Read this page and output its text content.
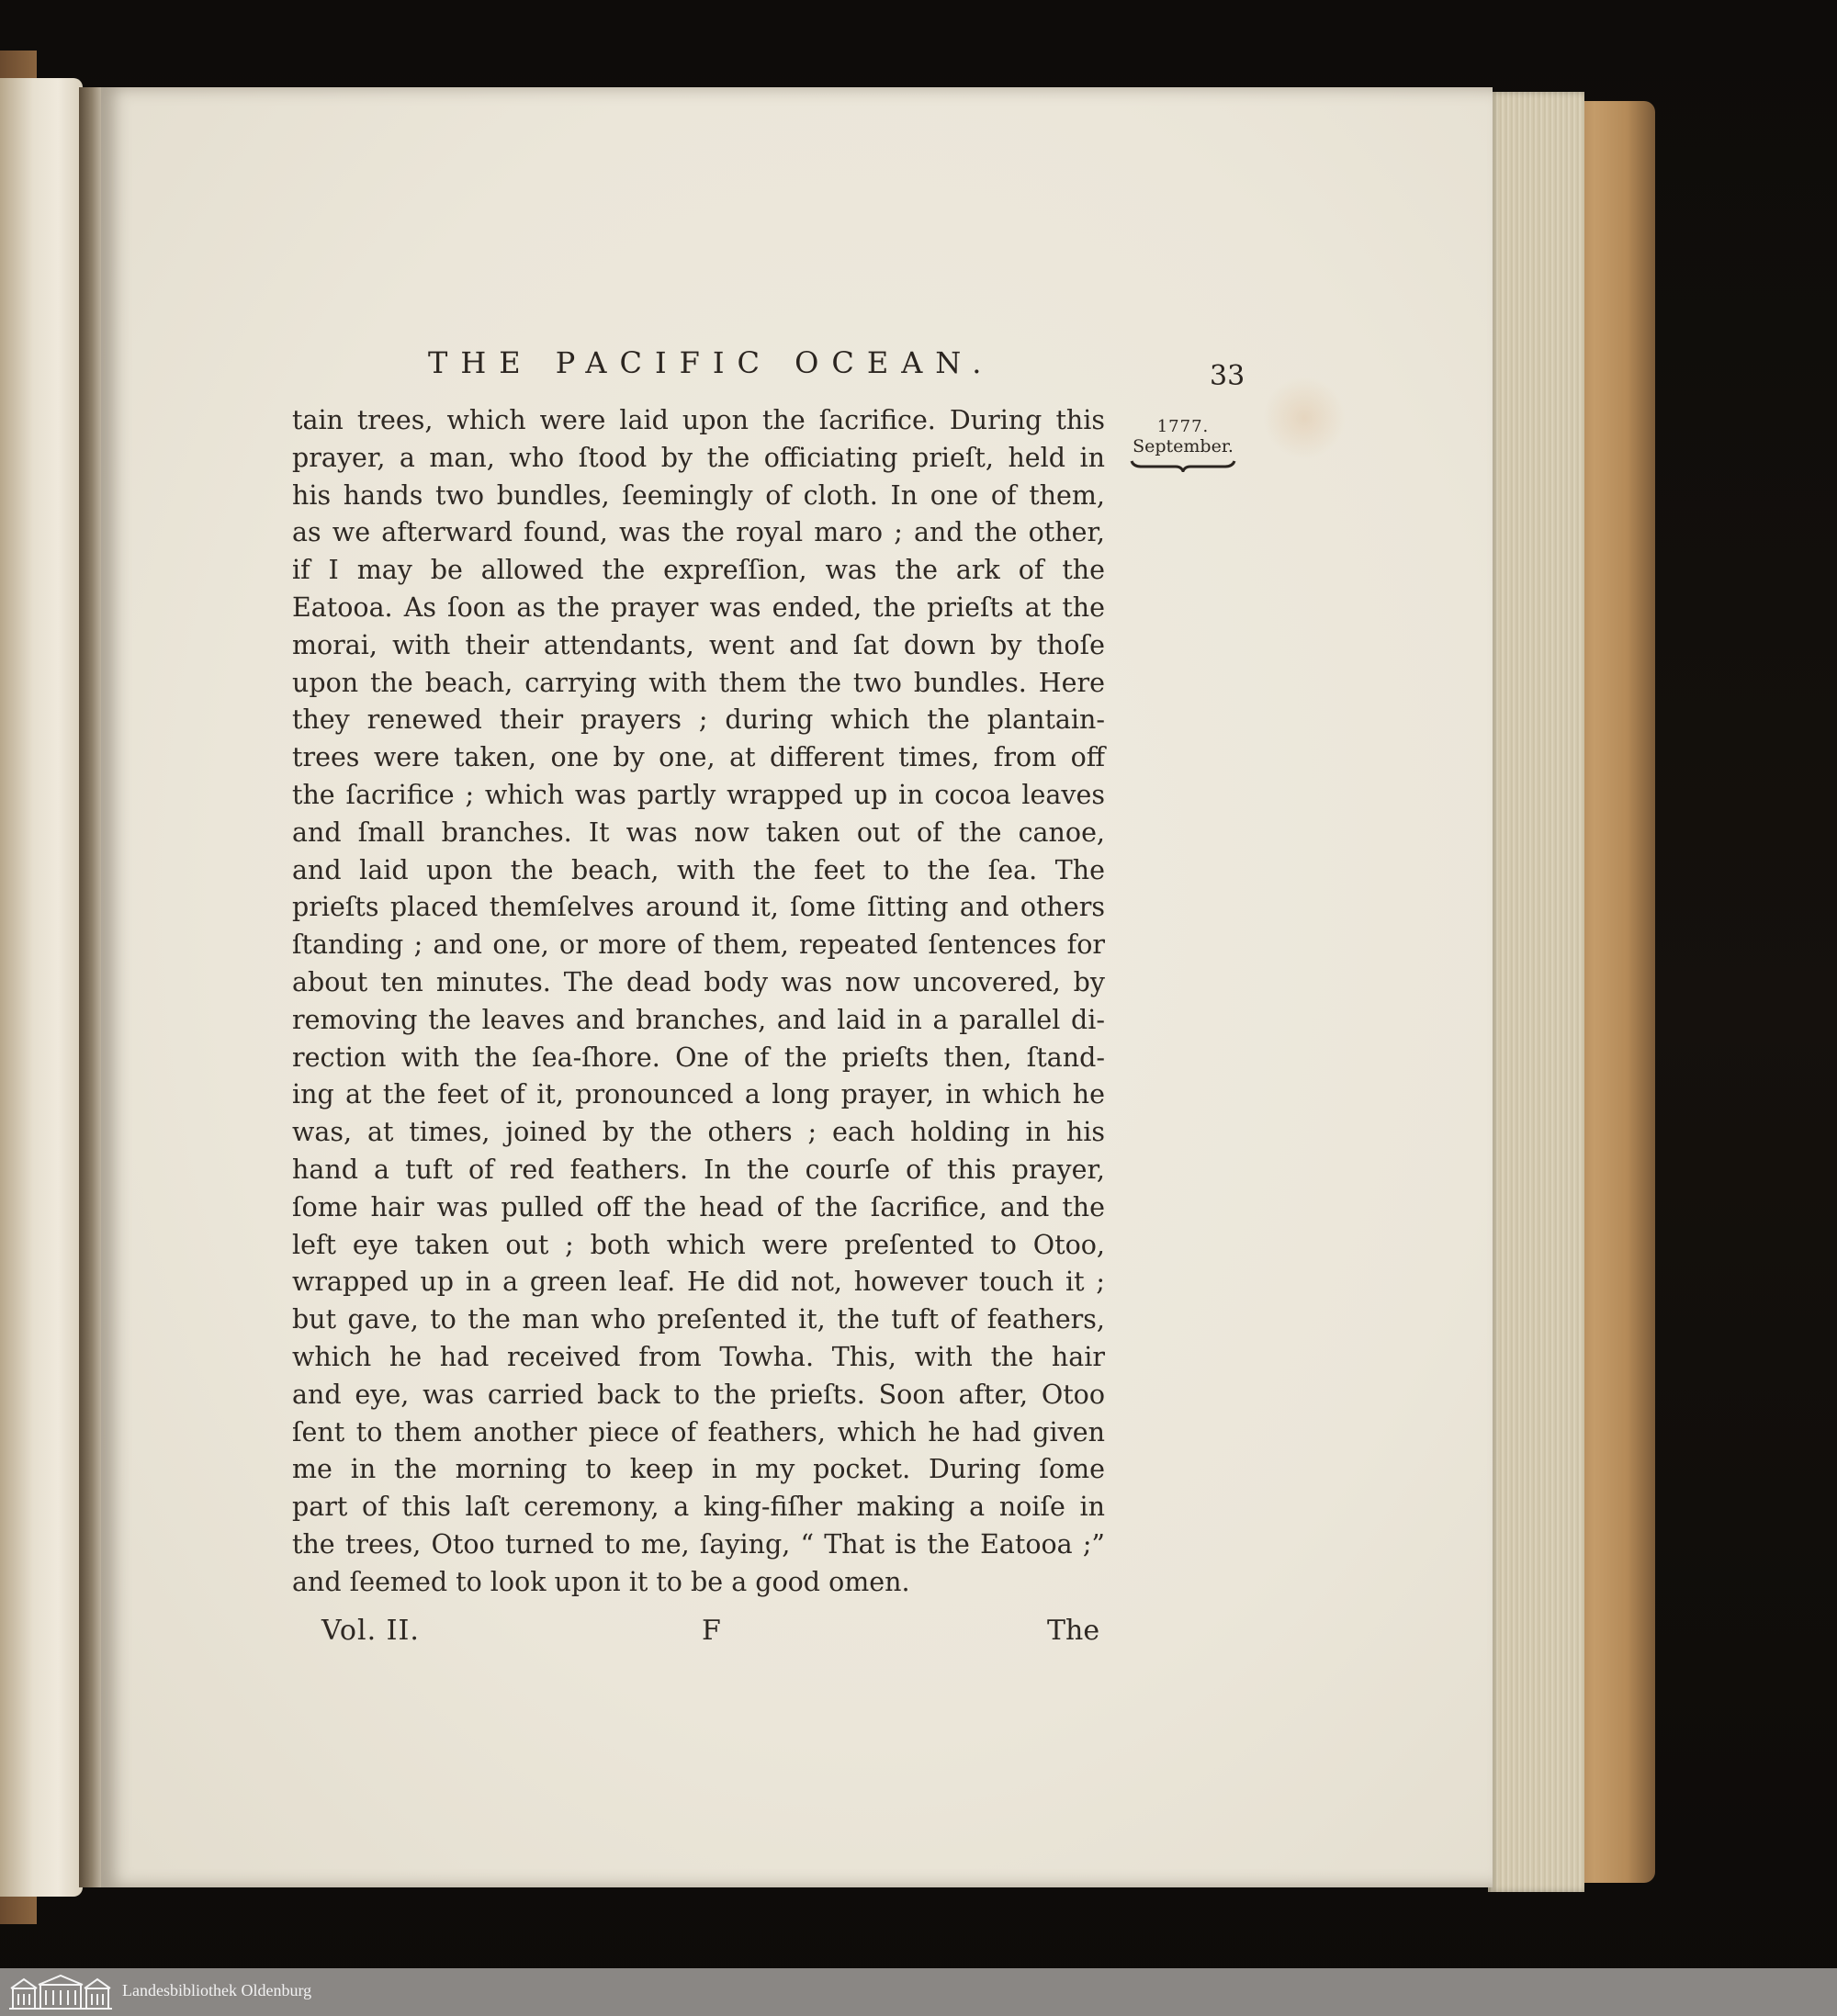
THE PACIFIC OCEAN.	33
1777.
September.
tain trees, which were laid upon the ſacrifice. During this
prayer, a man, who ſtood by the officiating prieſt, held in
his hands two bundles, ſeemingly of cloth. In one of them,
as we afterward found, was the royal maro ; and the other,
if I may be allowed the expreſſion, was the ark of the
Eatooa. As ſoon as the prayer was ended, the prieſts at the
morai, with their attendants, went and ſat down by thoſe
upon the beach, carrying with them the two bundles. Here
they renewed their prayers ; during which the plantain-
trees were taken, one by one, at different times, from off
the ſacrifice ; which was partly wrapped up in cocoa leaves
and ſmall branches. It was now taken out of the canoe,
and laid upon the beach, with the feet to the ſea. The
prieſts placed themſelves around it, ſome ſitting and others
ſtanding ; and one, or more of them, repeated ſentences for
about ten minutes. The dead body was now uncovered, by
removing the leaves and branches, and laid in a parallel di-
rection with the ſea-ſhore. One of the prieſts then, ſtand-
ing at the feet of it, pronounced a long prayer, in which he
was, at times, joined by the others ; each holding in his
hand a tuft of red feathers. In the courſe of this prayer,
ſome hair was pulled off the head of the ſacrifice, and the
left eye taken out ; both which were preſented to Otoo,
wrapped up in a green leaf. He did not, however touch it ;
but gave, to the man who preſented it, the tuft of feathers,
which he had received from Towha. This, with the hair
and eye, was carried back to the prieſts. Soon after, Otoo
ſent to them another piece of feathers, which he had given
me in the morning to keep in my pocket. During ſome
part of this laſt ceremony, a king-fiſher making a noiſe in
the trees, Otoo turned to me, ſaying, “ That is the Eatooa ;”
and ſeemed to look upon it to be a good omen.
Vol. II.	F	The
Landesbibliothek Oldenburg
